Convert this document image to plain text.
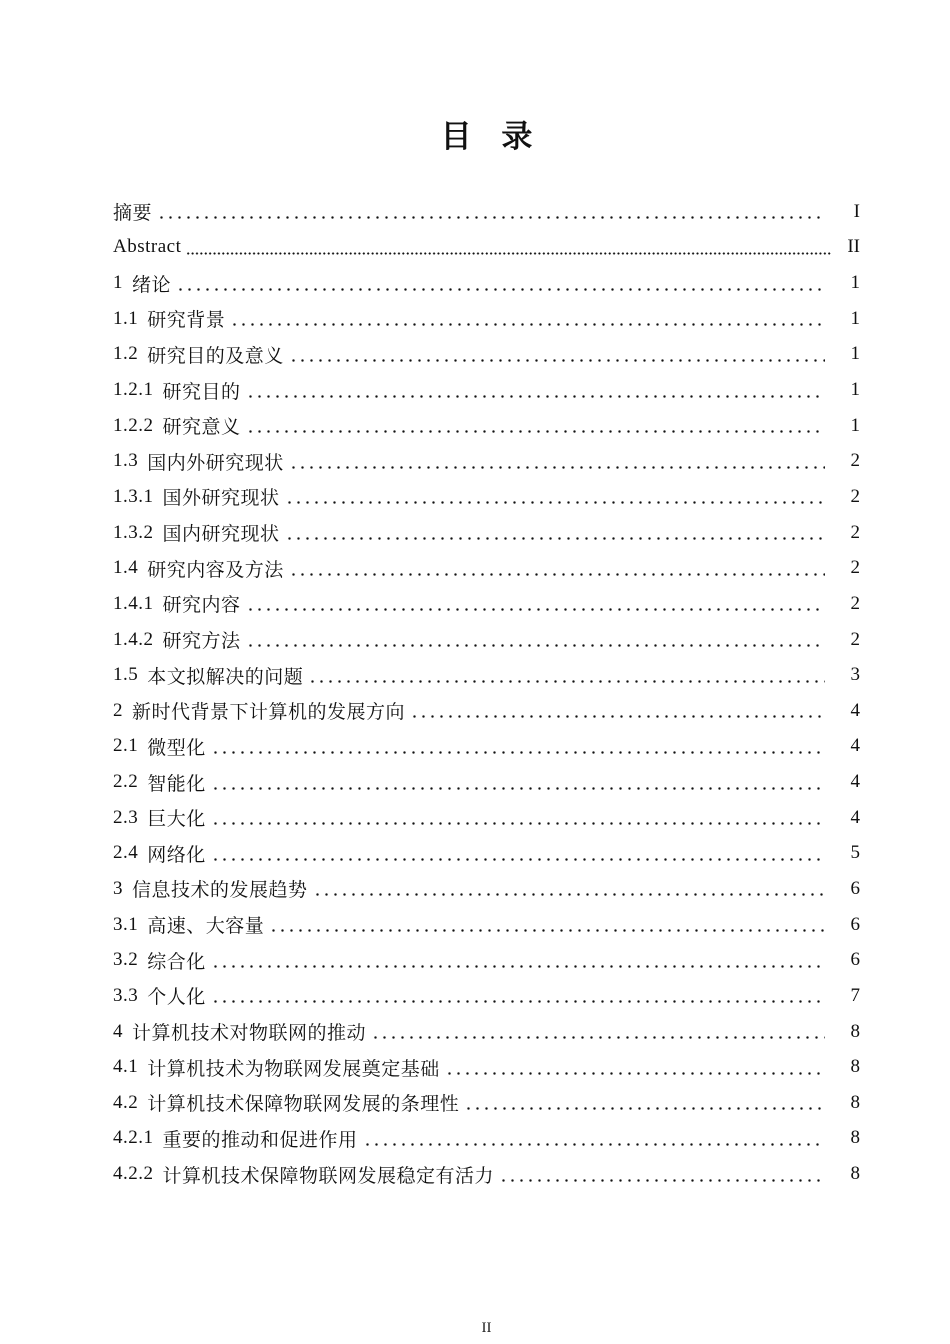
目 录
摘要	I
Abstract	II
1 绪论	1
1.1 研究背景	1
1.2 研究目的及意义	1
1.2.1 研究目的	1
1.2.2 研究意义	1
1.3 国内外研究现状	2
1.3.1 国外研究现状	2
1.3.2 国内研究现状	2
1.4 研究内容及方法	2
1.4.1 研究内容	2
1.4.2 研究方法	2
1.5 本文拟解决的问题	3
2 新时代背景下计算机的发展方向	4
2.1 微型化	4
2.2 智能化	4
2.3 巨大化	4
2.4 网络化	5
3 信息技术的发展趋势	6
3.1 高速、大容量	6
3.2 综合化	6
3.3 个人化	7
4 计算机技术对物联网的推动	8
4.1 计算机技术为物联网发展奠定基础	8
4.2 计算机技术保障物联网发展的条理性	8
4.2.1 重要的推动和促进作用	8
4.2.2 计算机技术保障物联网发展稳定有活力	8
II
